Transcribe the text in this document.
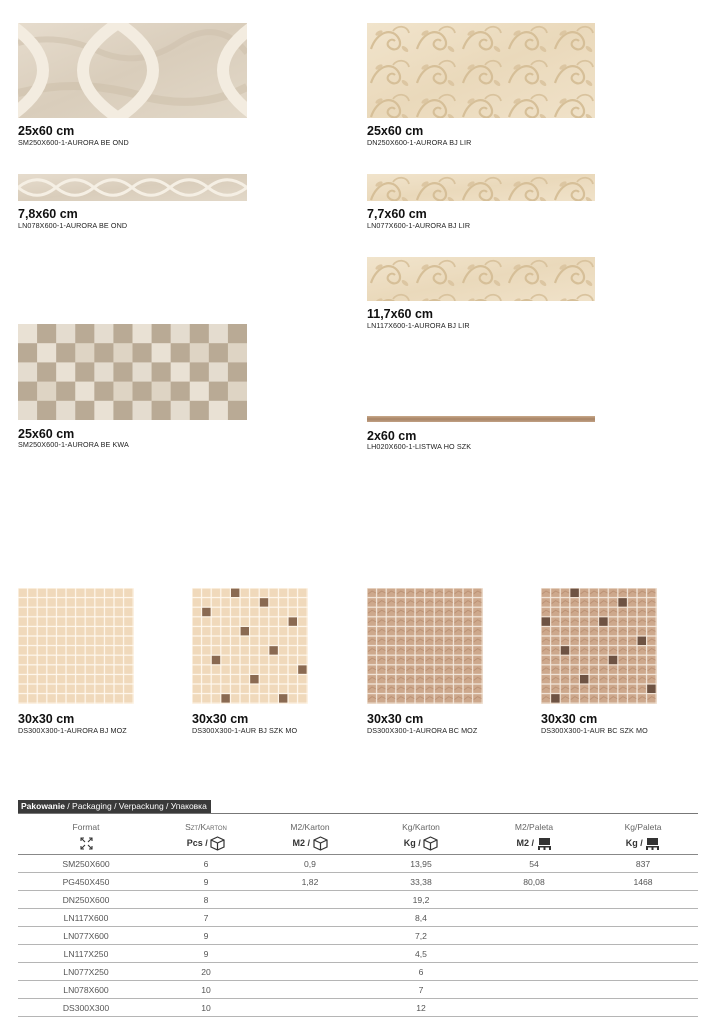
25x60 cm
SM250X600-1-AURORA BE OND
25x60 cm
DN250X600-1-AURORA BJ LIR
7,8x60 cm
LN078X600-1-AURORA BE OND
7,7x60 cm
LN077X600-1-AURORA BJ LIR
11,7x60 cm
LN117X600-1-AURORA BJ LIR
25x60 cm
SM250X600-1-AURORA BE KWA
2x60 cm
LH020X600-1-LISTWA HO SZK
30x30 cm
DS300X300-1-AURORA BJ MOZ
30x30 cm
DS300X300-1-AUR BJ SZK MO
30x30 cm
DS300X300-1-AURORA BC MOZ
30x30 cm
DS300X300-1-AUR BC SZK MO
Pakowanie / Packaging / Verpackung / Упаковка
Format	Szt/Karton	M2/Karton	Kg/Karton	M2/Paleta	Kg/Paleta
	Pcs /	M2 /	Kg /	M2 /	Kg /
SM250X600	6	0,9	13,95	54	837
PG450X450	9	1,82	33,38	80,08	1468
DN250X600	8		19,2		
LN117X600	7		8,4		
LN077X600	9		7,2		
LN117X250	9		4,5		
LN077X250	20		6		
LN078X600	10		7		
DS300X300	10		12		
